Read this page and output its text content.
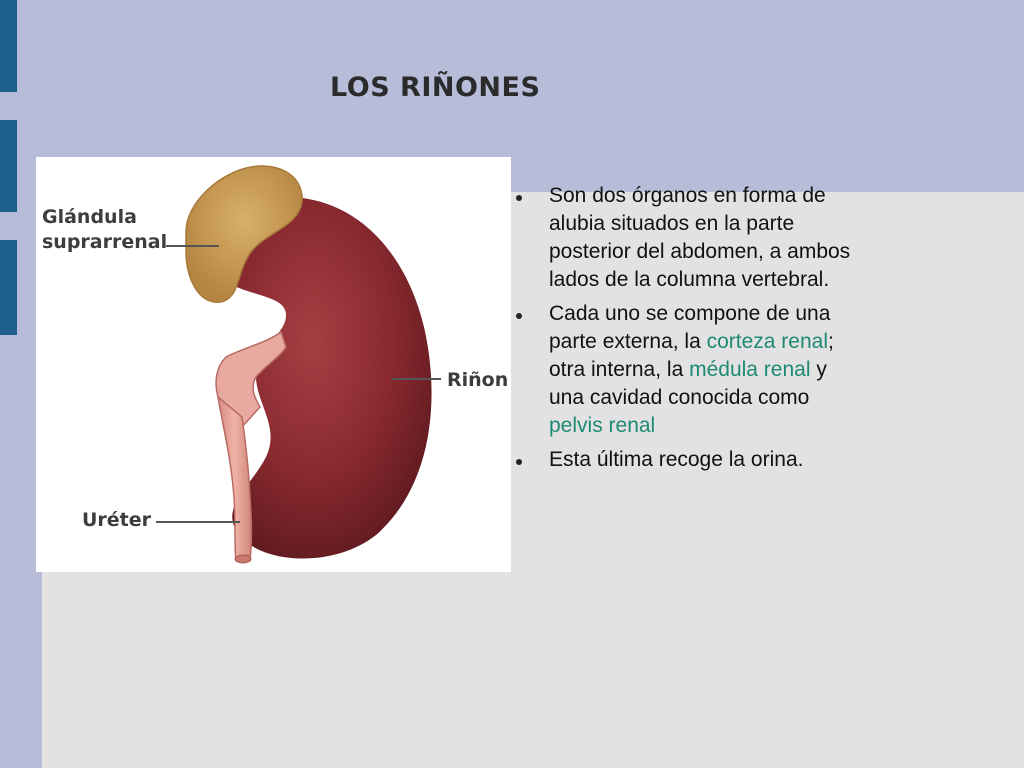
LOS RIÑONES
Glándula
suprarrenal
Riñon
Uréter
Son dos órganos en forma de alubia situados en la parte posterior del abdomen, a ambos lados de la columna vertebral.
Cada uno se compone de una parte externa, la corteza renal; otra interna, la médula renal y una cavidad conocida como pelvis renal
Esta última recoge la orina.
